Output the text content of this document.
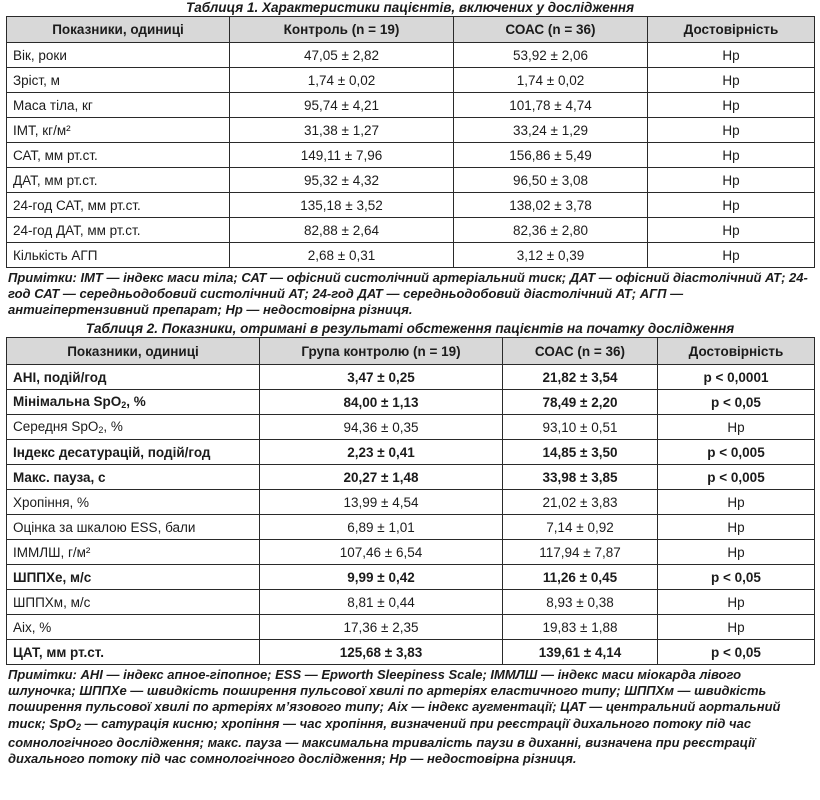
Таблиця 1. Характеристики пацієнтів, включених у дослідження
Показники, одиниці	Контроль (n = 19)	СОАС (n = 36)	Достовірність
Вік, роки	47,05 ± 2,82	53,92 ± 2,06	Нр
Зріст, м	1,74 ± 0,02	1,74 ± 0,02	Нр
Маса тіла, кг	95,74 ± 4,21	101,78 ± 4,74	Нр
ІМТ, кг/м²	31,38 ± 1,27	33,24 ± 1,29	Нр
САТ, мм рт.ст.	149,11 ± 7,96	156,86 ± 5,49	Нр
ДАТ, мм рт.ст.	95,32 ± 4,32	96,50 ± 3,08	Нр
24-год САТ, мм рт.ст.	135,18 ± 3,52	138,02 ± 3,78	Нр
24-год ДАТ, мм рт.ст.	82,88 ± 2,64	82,36 ± 2,80	Нр
Кількість АГП	2,68 ± 0,31	3,12 ± 0,39	Нр
Примітки: ІМТ — індекс маси тіла; САТ — офісний систолічний артеріальний тиск; ДАТ — офісний діастолічний АТ; 24-год САТ — середньодобовий систолічний АТ; 24-год ДАТ — середньодобовий діастолічний АТ; АГП — антигіпертензивний препарат; Нр — недостовірна різниця.
Таблиця 2. Показники, отримані в результаті обстеження пацієнтів на початку дослідження
Показники, одиниці	Група контролю (n = 19)	СОАС (n = 36)	Достовірність
АНІ, подій/год	3,47 ± 0,25	21,82 ± 3,54	p < 0,0001
Мінімальна SpO$_2$, %	84,00 ± 1,13	78,49 ± 2,20	p < 0,05
Середня SpO$_2$, %	94,36 ± 0,35	93,10 ± 0,51	Нр
Індекс десатурацій, подій/год	2,23 ± 0,41	14,85 ± 3,50	p < 0,005
Макс. пауза, с	20,27 ± 1,48	33,98 ± 3,85	p < 0,005
Хропіння, %	13,99 ± 4,54	21,02 ± 3,83	Нр
Оцінка за шкалою ESS, бали	6,89 ± 1,01	7,14 ± 0,92	Нр
ІММЛШ, г/м²	107,46 ± 6,54	117,94 ± 7,87	Нр
ШППХе, м/с	9,99 ± 0,42	11,26 ± 0,45	p < 0,05
ШППХм, м/с	8,81 ± 0,44	8,93 ± 0,38	Нр
Aix, %	17,36 ± 2,35	19,83 ± 1,88	Нр
ЦАТ, мм рт.ст.	125,68 ± 3,83	139,61 ± 4,14	p < 0,05
Примітки: АНІ — індекс апное-гіпопное; ESS — Epworth Sleepiness Scale; ІММЛШ — індекс маси міокарда лівого шлуночка; ШППХе — швидкість поширення пульсової хвилі по артеріях еластичного типу; ШППХм — швидкість поширення пульсової хвилі по артеріях м’язового типу; Aix — індекс аугментації; ЦАТ — центральний аортальний тиск; SpO$_2$ — сатурація кисню; хропіння — час хропіння, визначений при реєстрації дихального потоку під час сомнологічного дослідження; макс. пауза — максимальна тривалість паузи в диханні, визначена при реєстрації дихального потоку під час сомнологічного дослідження; Нр — недостовірна різниця.
